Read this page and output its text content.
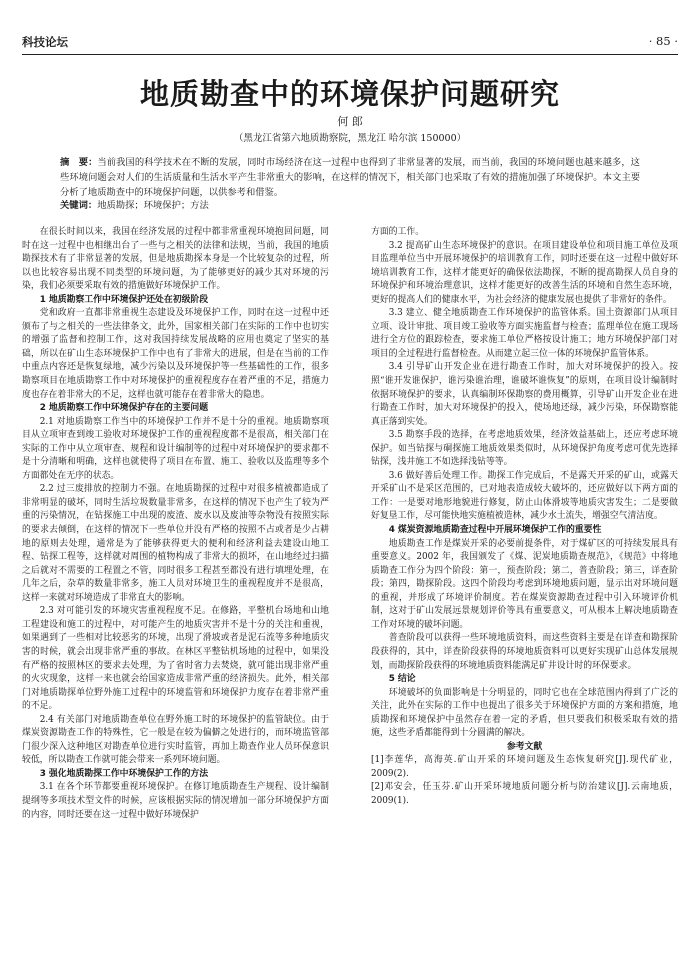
科技论坛	· 85 ·
地质勘查中的环境保护问题研究
何 郎
（黑龙江省第六地质勘察院，黑龙江 哈尔滨 150000）
摘　要：当前我国的科学技术在不断的发展，同时市场经济在这一过程中也得到了非常显著的发展，而当前，我国的环境问题也越来越多，这些环境问题会对人们的生活质量和生活水平产生非常重大的影响，在这样的情况下，相关部门也采取了有效的措施加强了环境保护。本文主要分析了地质勘查中的环境保护问题，以供参考和借鉴。
关键词：地质勘探；环境保护；方法

在很长时间以来，我国在经济发展的过程中都非常重视环境抱回问题，同时在这一过程中也相继出台了一些与之相关的法律和法规，当前，我国的地质勘探技术有了非常显著的发展，但是地质勘探本身是一个比较复杂的过程，所以也比较容易出现不同类型的环境问题，为了能够更好的减少其对环境的污染，我们必须要采取有效的措施做好环境保护工作。

1 地质勘察工作中环境保护还处在初级阶段

党和政府一直都非常重视生态建设及环境保护工作，同时在这一过程中还颁布了与之相关的一些法律条文，此外，国家相关部门在实际的工作中也切实的增强了监督和控制工作，这对我国持续发展战略的应用也奠定了坚实的基础，所以在矿山生态环境保护工作中也有了非常大的进展，但是在当前的工作中重点内容还是恢复绿地，减少污染以及环境保护等一些基础性的工作，很多勘察项目在地质勘察工作中对环境保护的重视程度存在着严重的不足，措施力度也存在着非常大的不足，这样也就可能存在着非常大的隐患。

2 地质勘察工作中环境保护存在的主要问题

2.1 对地质勘察工作当中的环境保护工作并不是十分的重视。地质勘察项目从立项审查到竣工验收对环境保护工作的重视程度都不是很高，相关部门在实际的工作中从立项审查、规程和设计编制等的过程中对环境保护的要求都不是十分清晰和明确，这样也就使得了项目在布置、施工、验收以及监理等多个方面都处在无序的状态。

2.2 过三废排放的控制力不强。在地质勘探的过程中对很多植被都造成了非常明显的破坏，同时生活垃圾数量非常多，在这样的情况下也产生了较为严重的污染情况，在钻探施工中出现的废渣、废水以及废油等杂物没有按照实际的要求去倾倒，在这样的情况下一些单位并没有严格的按照不占或者是少占耕地的原则去处理，通常是为了能够获得更大的便利和经济利益去建设山地工程、钻探工程等，这样就对周围的植物构成了非常大的损坏，在山地经过扫描之后就对不需要的工程置之不管，同时很多工程甚至都没有进行填埋处理，在几年之后，杂草的数量非常多，施工人员对环境卫生的重视程度并不是很高，这样一来就对环境造成了非常直大的影响。

2.3 对可能引发的环境灾害重视程度不足。在修路，平整机台场地和山地工程建设和施工的过程中，对可能产生的地质灾害并不是十分的关注和重视，如果遇到了一些相对比较恶劣的环境，出现了滑坡或者是泥石流等多种地质灾害的时候，就会出现非常严重的事故。在林区平整钻机场地的过程中，如果没有严格的按照林区的要求去处理，为了省时省力去焚烧，就可能出现非常严重的火灾现象，这样一来也就会给国家造成非常严重的经济损失。此外，相关部门对地质勘探单位野外施工过程中的环境监管和环境保护力度存在着非常严重的不足。

2.4 有关部门对地质勘查单位在野外施工时的环境保护的监管缺位。由于煤炭资源勘查工作的特殊性，它一般是在较为偏僻之处进行的，而环境监管部门很少深入这种地区对勘查单位进行实时监管，再加上勘查作业人员环保意识较低，所以勘查工作就可能会带来一系列环境问题。

3 强化地质勘探工作中环境保护工作的方法

3.1 在各个环节都要重视环境保护。在修订地质勘查生产规程、设计编制提纲等多项技术型文件的时候，应该根据实际的情况增加一部分环境保护方面的内容，同时还要在这一过程中做好环境保护

方面的工作。

3.2 提高矿山生态环境保护的意识。在项目建设单位和项目施工单位及项目监理单位当中开展环境保护的培训教育工作，同时还要在这一过程中做好环境培训教育工作，这样才能更好的确保依法勘探，不断的提高勘探人员自身的环境保护和环境治理意识，这样才能更好的改善生活的环境和自然生态环境，更好的提高人们的健康水平，为社会经济的健康发展也提供了非常好的条件。

3.3 建立、健全地质勘查工作环境保护的监管体系。国土资源部门从项目立项、设计审批、项目竣工验收等方面实施监督与检查；监理单位在施工现场进行全方位的跟踪检查，要求施工单位严格按设计施工；地方环境保护部门对项目的全过程进行监督检查。从而建立起三位一体的环境保护监管体系。

3.4 引导矿山开发企业在进行勘查工作时，加大对环境保护的投入。按照“谁开发谁保护，谁污染谁治理，谁破坏谁恢复”的原则，在项目设计编制时依据环境保护的要求，认真编制环保勘察的费用概算，引导矿山开发企业在进行勘查工作时，加大对环境保护的投入，使场地还绿，减少污染，环保勘察能真正落到实处。

3.5 勘察手段的选择，在考虑地质效果，经济效益基础上，还应考虑环境保护。如当钻探与硐探施工地质效果类似时，从环境保护角度考虑可优先选择钻探，浅井施工不如选择浅钻等等。

3.6 做好善后处理工作。勘探工作完成后，不是露天开采的矿山，或露天开采矿山不是采区范围的，已对地表造成较大破坏的，还应做好以下两方面的工作：一是要对地形地貌进行修复，防止山体滑坡等地质灾害发生；二是要做好复垦工作，尽可能快地实施植被造林，减少水土流失，增强空气清洁度。

4 煤炭资源地质勘查过程中开展环境保护工作的重要性

地质勘查工作是煤炭开采的必要前提条件，对于煤矿区的可持续发展具有重要意义。2002 年，我国颁发了《煤、泥炭地质勘查规范》，《规范》中将地质勘查工作分为四个阶段：第一，预查阶段；第二，普查阶段；第三，详查阶段；第四，勘探阶段。这四个阶段均考虑到环境地质问题，显示出对环境问题的重视，并形成了环境评价制度。若在煤炭资源勘查过程中引入环境评价机制，这对于矿山发展远景规划评价等具有重要意义，可从根本上解决地质勘查工作对环境的破坏问题。

普查阶段可以获得一些环境地质资料，而这些资料主要是在详查和勘探阶段获得的，其中，详查阶段获得的环境地质资料可以更好实现矿山总体发展规划，而勘探阶段获得的环境地质资料能满足矿井设计时的环保要求。

5 结论

环境破坏的负面影响是十分明显的，同时它也在全球范围内得到了广泛的关注，此外在实际的工作中也提出了很多关于环境保护方面的方案和措施，地质勘探和环境保护中虽然存在着一定的矛盾，但只要我们积极采取有效的措施，这些矛盾都能得到十分圆满的解决。

参考文献

[1]李莲华，高海英.矿山开采的环境问题及生态恢复研究[J].现代矿业，2009(2).

[2]邓安会，任玉芬.矿山开采环境地质问题分析与防治建议[J].云南地质，2009(1).
